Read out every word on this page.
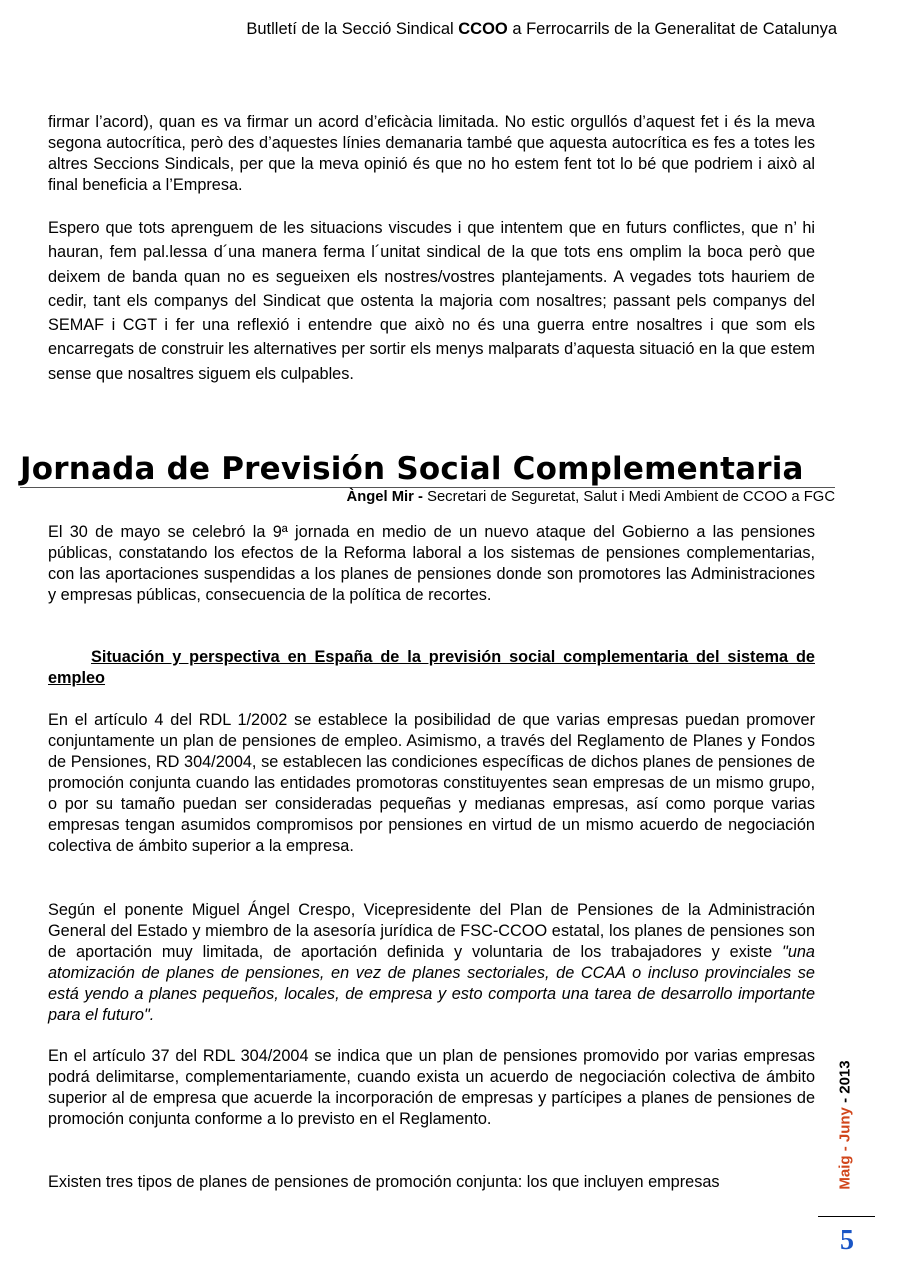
Butlletí de la Secció Sindical CCOO a Ferrocarrils de la Generalitat de Catalunya

firmar l’acord), quan es va firmar un acord d’eficàcia limitada. No estic orgullós d’aquest fet i és la meva segona autocrítica, però des d’aquestes línies demanaria també que aquesta autocrítica es fes a totes les altres Seccions Sindicals, per que la meva opinió és que no ho estem fent tot lo bé que podriem i això al final beneficia a l’Empresa.

Espero que tots aprenguem de les situacions viscudes i que intentem que en futurs conflictes, que n’ hi hauran, fem pal.lessa d´una manera ferma l´unitat sindical de la que tots ens omplim la boca però que deixem de banda quan no es segueixen els nostres/vostres plantejaments. A vegades tots hauriem de cedir, tant els companys del Sindicat que ostenta la majoria com nosaltres; passant pels companys del SEMAF i CGT i fer una reflexió i entendre que això no és una guerra entre nosaltres i que som els encarregats de construir les alternatives per sortir els menys malparats d’aquesta situació en la que estem sense que nosaltres siguem els culpables.

Jornada de Previsión Social Complementaria
Àngel Mir - Secretari de Seguretat, Salut i Medi Ambient de CCOO a FGC

El 30 de mayo se celebró la 9ª jornada en medio de un nuevo ataque del Gobierno a las pensiones públicas, constatando los efectos de la Reforma laboral a los sistemas de pensiones complementarias, con las aportaciones suspendidas a los planes de pensiones donde son promotores las Administraciones y empresas públicas, consecuencia de la política de recortes.

Situación y perspectiva en España de la previsión social complementaria del sistema de empleo

En el artículo 4 del RDL 1/2002 se establece la posibilidad de que varias empresas puedan promover conjuntamente un plan de pensiones de empleo. Asimismo, a través del Reglamento de Planes y Fondos de Pensiones, RD 304/2004, se establecen las condiciones específicas de dichos planes de pensiones de promoción conjunta cuando las entidades promotoras constituyentes sean empresas de un mismo grupo, o por su tamaño puedan ser consideradas pequeñas y medianas empresas, así como porque varias empresas tengan asumidos compromisos por pensiones en virtud de un mismo acuerdo de negociación colectiva de ámbito superior a la empresa.

Según el ponente Miguel Ángel Crespo, Vicepresidente del Plan de Pensiones de la Administración General del Estado y miembro de la asesoría jurídica de FSC-CCOO estatal, los planes de pensiones son de aportación muy limitada, de aportación definida y voluntaria de los trabajadores y existe "una atomización de planes de pensiones, en vez de planes sectoriales, de CCAA o incluso provinciales se está yendo a planes pequeños, locales, de empresa y esto comporta una tarea de desarrollo importante para el futuro".

En el artículo 37 del RDL 304/2004 se indica que un plan de pensiones promovido por varias empresas podrá delimitarse, complementariamente, cuando exista un acuerdo de negociación colectiva de ámbito superior al de empresa que acuerde la incorporación de empresas y partícipes a planes de pensiones de promoción conjunta conforme a lo previsto en el Reglamento.

Existen tres tipos de planes de pensiones de promoción conjunta: los que incluyen empresas	Maig - Juny - 2013
5
